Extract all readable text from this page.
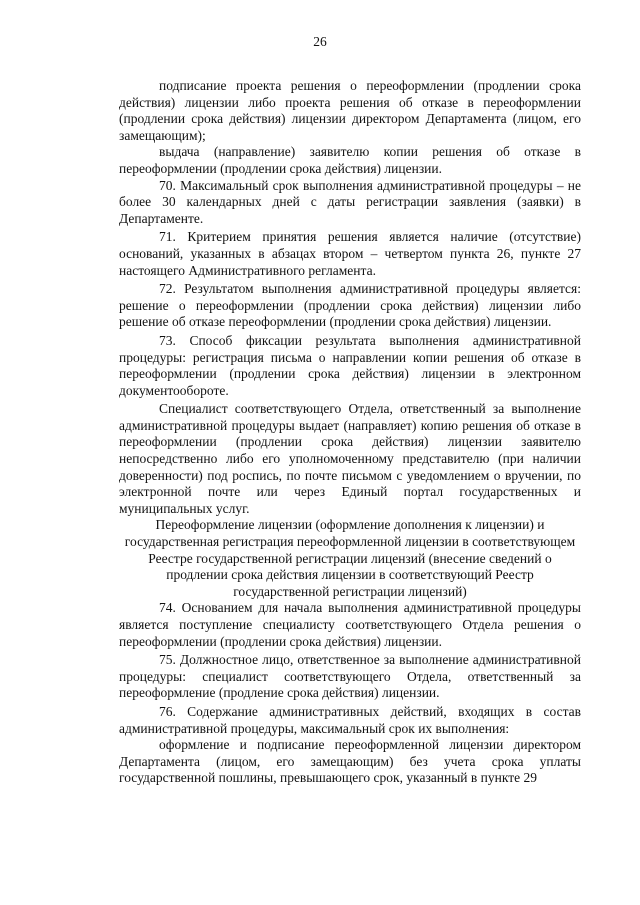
26

подписание проекта решения о переоформлении (продлении срока действия) лицензии либо проекта решения об отказе в переоформлении (продлении срока действия) лицензии директором Департамента (лицом, его замещающим);

выдача (направление) заявителю копии решения об отказе в переоформлении (продлении срока действия) лицензии.

70. Максимальный срок выполнения административной процедуры – не более 30 календарных дней с даты регистрации заявления (заявки) в Департаменте.

71. Критерием принятия решения является наличие (отсутствие) оснований, указанных в абзацах втором – четвертом пункта 26, пункте 27 настоящего Административного регламента.

72. Результатом выполнения административной процедуры является: решение о переоформлении (продлении срока действия) лицензии либо решение об отказе переоформлении (продлении срока действия) лицензии.

73. Способ фиксации результата выполнения административной процедуры: регистрация письма о направлении копии решения об отказе в переоформлении (продлении срока действия) лицензии в электронном документообороте.

Специалист соответствующего Отдела, ответственный за выполнение административной процедуры выдает (направляет) копию решения об отказе в переоформлении (продлении срока действия) лицензии заявителю непосредственно либо его уполномоченному представителю (при наличии доверенности) под роспись, по почте письмом с уведомлением о вручении, по электронной почте или через Единый портал государственных и муниципальных услуг.

Переоформление лицензии (оформление дополнения к лицензии) и государственная регистрация переоформленной лицензии в соответствующем Реестре государственной регистрации лицензий (внесение сведений о продлении срока действия лицензии в соответствующий Реестр государственной регистрации лицензий)

74. Основанием для начала выполнения административной процедуры является поступление специалисту соответствующего Отдела решения о переоформлении (продлении срока действия) лицензии.

75. Должностное лицо, ответственное за выполнение административной процедуры: специалист соответствующего Отдела, ответственный за переоформление (продление срока действия) лицензии.

76. Содержание административных действий, входящих в состав административной процедуры, максимальный срок их выполнения:

оформление и подписание переоформленной лицензии директором Департамента (лицом, его замещающим) без учета срока уплаты государственной пошлины, превышающего срок, указанный в пункте 29
